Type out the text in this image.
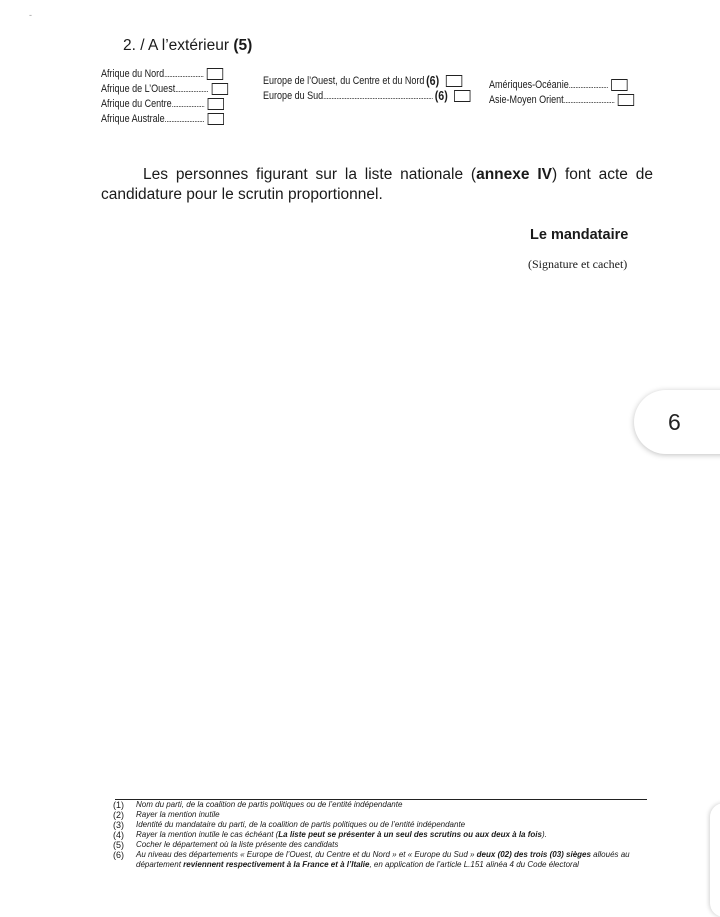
-
2. / A l’extérieur (5)
Afrique du Nord ........................
Afrique de L’Ouest ....................
Afrique du Centre ....................
Afrique Australe ........................
Europe de l’Ouest, du Centre et du Nord (6)
Europe du Sud ................................................................... (6)
Amériques-Océanie ........................
Asie-Moyen Orient ...............................
Les personnes figurant sur la liste nationale (annexe IV) font acte de candidature pour le scrutin proportionnel.
Le mandataire
(Signature et cachet)
6
(1)	Nom du parti, de la coalition de partis politiques ou de l’entité indépendante
(2)	Rayer la mention inutile
(3)	Identité du mandataire du parti, de la coalition de partis politiques ou de l’entité indépendante
(4)	Rayer la mention inutile le cas échéant (La liste peut se présenter à un seul des scrutins ou aux deux à la fois).
(5)	Cocher le département où la liste présente des candidats
(6)	Au niveau des départements « Europe de l’Ouest, du Centre et du Nord » et « Europe du Sud » deux (02) des trois (03) sièges alloués au département reviennent respectivement à la France et à l’Italie, en application de l’article L.151 alinéa 4 du Code électoral
